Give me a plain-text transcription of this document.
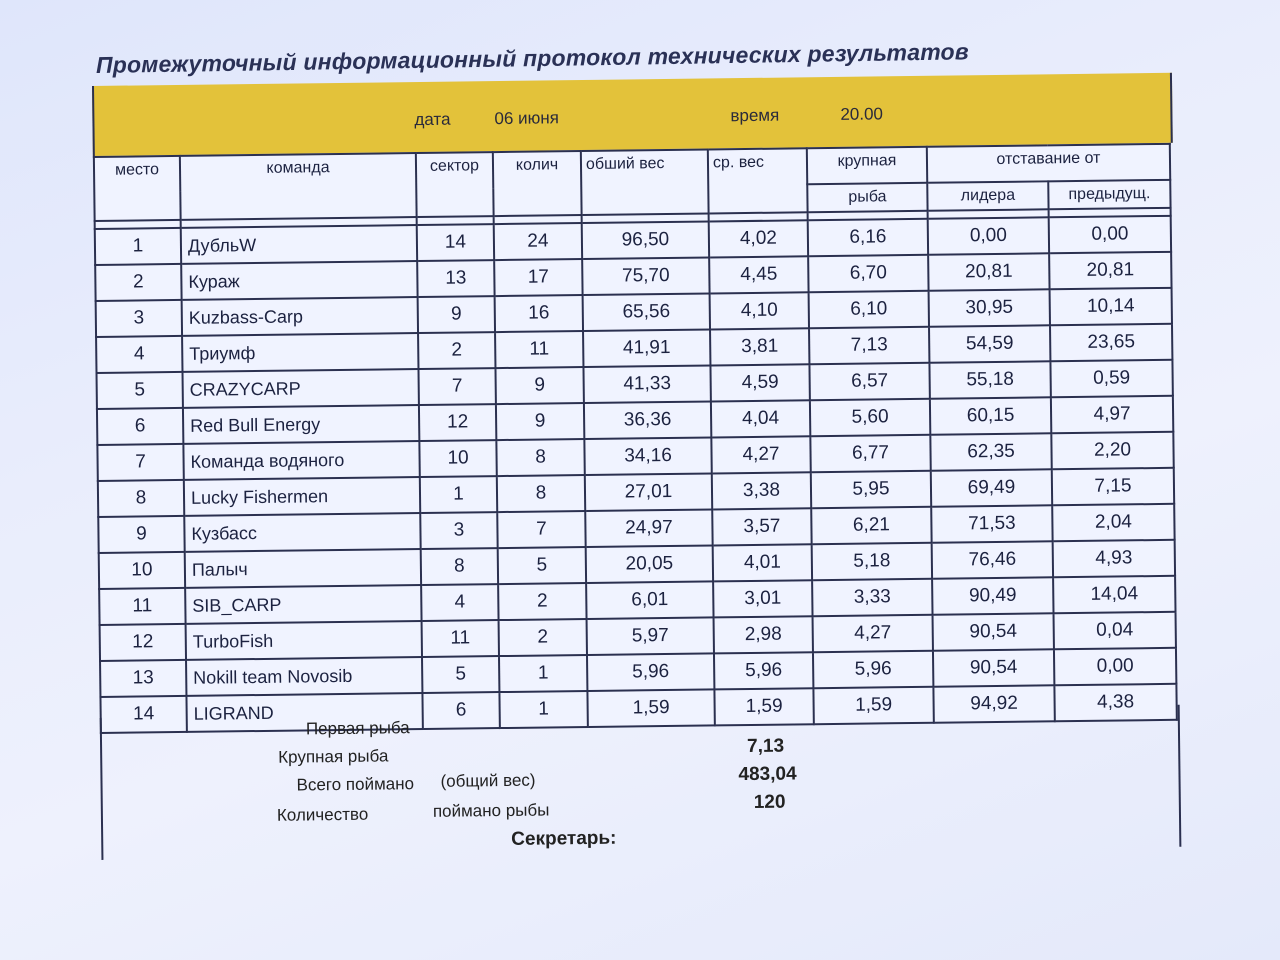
Промежуточный информационный протокол технических результатов
дата	06 июня	время	20.00
место	команда	сектор	колич	обший вес	ср. вес	крупная	отставание от	
						рыба	лидера	предыдущ.

1	ДубльW	14	24	96,50	4,02	6,16	0,00	0,00
2	Кураж	13	17	75,70	4,45	6,70	20,81	20,81
3	Kuzbass-Carp	9	16	65,56	4,10	6,10	30,95	10,14
4	Триумф	2	11	41,91	3,81	7,13	54,59	23,65
5	CRAZYCARP	7	9	41,33	4,59	6,57	55,18	0,59
6	Red Bull Energy	12	9	36,36	4,04	5,60	60,15	4,97
7	Команда водяного	10	8	34,16	4,27	6,77	62,35	2,20
8	Lucky Fishermen	1	8	27,01	3,38	5,95	69,49	7,15
9	Кузбасс	3	7	24,97	3,57	6,21	71,53	2,04
10	Палыч	8	5	20,05	4,01	5,18	76,46	4,93
11	SIB_CARP	4	2	6,01	3,01	3,33	90,49	14,04
12	TurboFish	11	2	5,97	2,98	4,27	90,54	0,04
13	Nokill team Novosib	5	1	5,96	5,96	5,96	90,54	0,00
14	LIGRAND	6	1	1,59	1,59	1,59	94,92	4,38
Первая рыба
Крупная рыба	7,13
Всего поймано (общий вес)	483,04
Количество	поймано рыбы	120
Секретарь:
